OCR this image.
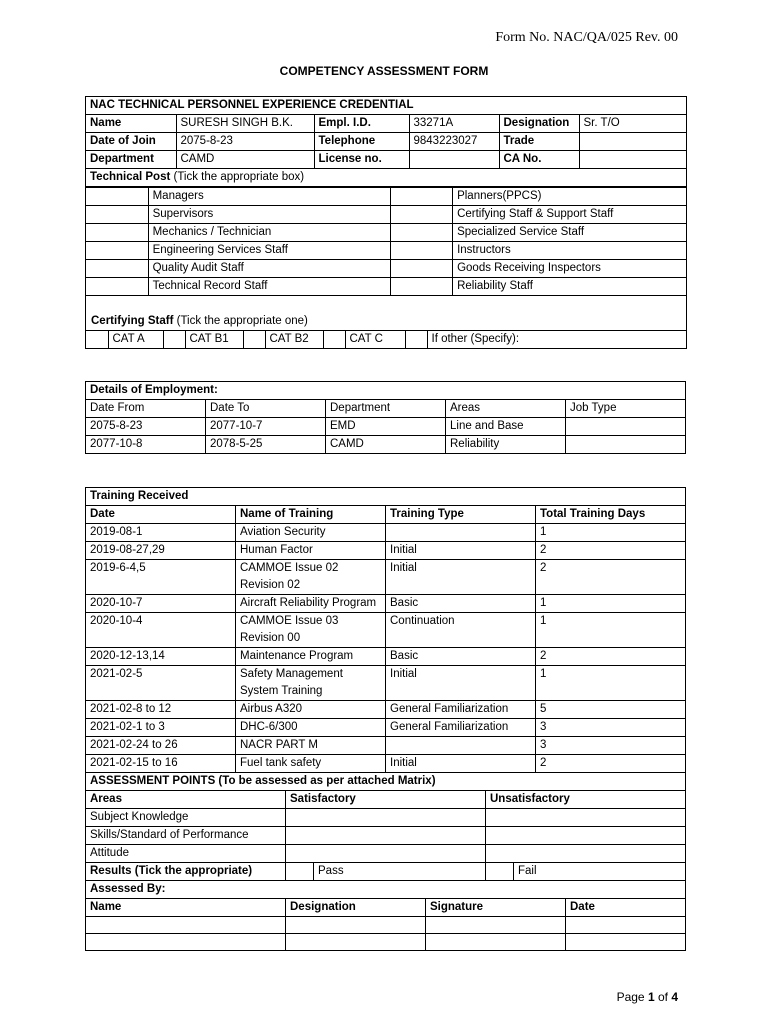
Form No. NAC/QA/025 Rev. 00
COMPETENCY ASSESSMENT FORM
NAC TECHNICAL PERSONNEL EXPERIENCE CREDENTIAL					
Name	SURESH SINGH B.K.	Empl. I.D.	33271A	Designation	Sr. T/O
Date of Join	2075-8-23	Telephone	9843223027	Trade	
Department	CAMD	License no.		CA No.	
Technical Post (Tick the appropriate box)					
	Managers		Planners(PPCS)
	Supervisors		Certifying Staff & Support Staff
	Mechanics / Technician		Specialized Service Staff
	Engineering Services Staff		Instructors
	Quality Audit Staff		Goods Receiving Inspectors
	Technical Record Staff		Reliability Staff
Certifying Staff (Tick the appropriate one)
	CAT A		CAT B1		CAT B2		CAT C		If other (Specify):
Details of Employment:				
Date From	Date To	Department	Areas	Job Type
2075-8-23	2077-10-7	EMD	Line and Base	
2077-10-8	2078-5-25	CAMD	Reliability	
Training Received			
Date	Name of Training	Training Type	Total Training Days
2019-08-1	Aviation Security		1
2019-08-27,29	Human Factor	Initial	2
2019-6-4,5	CAMMOE Issue 02 Revision 02	Initial	2
2020-10-7	Aircraft Reliability Program	Basic	1
2020-10-4	CAMMOE Issue 03 Revision 00	Continuation	1
2020-12-13,14	Maintenance Program	Basic	2
2021-02-5	Safety Management System Training	Initial	1
2021-02-8 to 12	Airbus A320	General Familiarization	5
2021-02-1 to 3	DHC-6/300	General Familiarization	3
2021-02-24 to 26	NACR PART M		3
2021-02-15 to 16	Fuel tank safety	Initial	2
ASSESSMENT POINTS (To be assessed as per attached Matrix)		
Areas	Satisfactory	Unsatisfactory
Subject Knowledge		
Skills/Standard of Performance		
Attitude		
Results (Tick the appropriate)		Pass		Fail
Assessed By:			
Name	Designation	Signature	Date

Page 1 of 4
